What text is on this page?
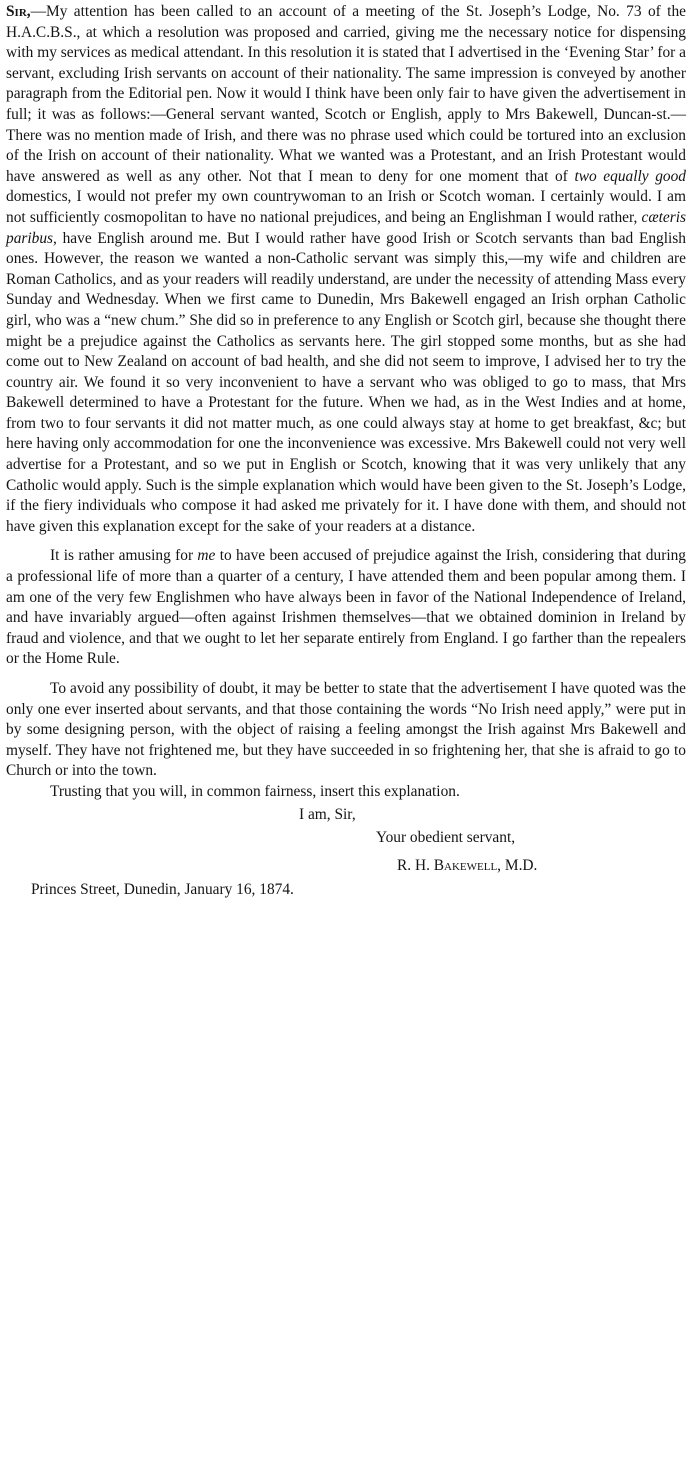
Sir,—My attention has been called to an account of a meeting of the St. Joseph’s Lodge, No. 73 of the H.A.C.B.S., at which a resolution was proposed and carried, giving me the necessary notice for dispensing with my services as medical attendant. In this resolution it is stated that I advertised in the ‘Evening Star’ for a servant, excluding Irish servants on account of their nationality. The same impression is conveyed by another paragraph from the Editorial pen. Now it would I think have been only fair to have given the advertisement in full; it was as follows:—General servant wanted, Scotch or English, apply to Mrs Bakewell, Duncan-st.—There was no mention made of Irish, and there was no phrase used which could be tortured into an exclusion of the Irish on account of their nationality. What we wanted was a Protestant, and an Irish Protestant would have answered as well as any other. Not that I mean to deny for one moment that of two equally good domestics, I would not prefer my own countrywoman to an Irish or Scotch woman. I certainly would. I am not sufficiently cosmopolitan to have no national prejudices, and being an Englishman I would rather, cæteris paribus, have English around me. But I would rather have good Irish or Scotch servants than bad English ones. However, the reason we wanted a non-Catholic servant was simply this,—my wife and children are Roman Catholics, and as your readers will readily understand, are under the necessity of attending Mass every Sunday and Wednesday. When we first came to Dunedin, Mrs Bakewell engaged an Irish orphan Catholic girl, who was a “new chum.” She did so in preference to any English or Scotch girl, because she thought there might be a prejudice against the Catholics as servants here. The girl stopped some months, but as she had come out to New Zealand on account of bad health, and she did not seem to improve, I advised her to try the country air. We found it so very inconvenient to have a servant who was obliged to go to mass, that Mrs Bakewell determined to have a Protestant for the future. When we had, as in the West Indies and at home, from two to four servants it did not matter much, as one could always stay at home to get breakfast, &c; but here having only accommodation for one the inconvenience was excessive. Mrs Bakewell could not very well advertise for a Protestant, and so we put in English or Scotch, knowing that it was very unlikely that any Catholic would apply. Such is the simple explanation which would have been given to the St. Joseph’s Lodge, if the fiery individuals who compose it had asked me privately for it. I have done with them, and should not have given this explanation except for the sake of your readers at a distance.

It is rather amusing for me to have been accused of prejudice against the Irish, considering that during a professional life of more than a quarter of a century, I have attended them and been popular among them. I am one of the very few Englishmen who have always been in favor of the National Independence of Ireland, and have invariably argued—often against Irishmen themselves—that we obtained dominion in Ireland by fraud and violence, and that we ought to let her separate entirely from England. I go farther than the repealers or the Home Rule.

To avoid any possibility of doubt, it may be better to state that the advertisement I have quoted was the only one ever inserted about servants, and that those containing the words “No Irish need apply,” were put in by some designing person, with the object of raising a feeling amongst the Irish against Mrs Bakewell and myself. They have not frightened me, but they have succeeded in so frightening her, that she is afraid to go to Church or into the town.

Trusting that you will, in common fairness, insert this explanation.

I am, Sir,
Your obedient servant,
R. H. Bakewell, M.D.
Princes Street, Dunedin, January 16, 1874.
